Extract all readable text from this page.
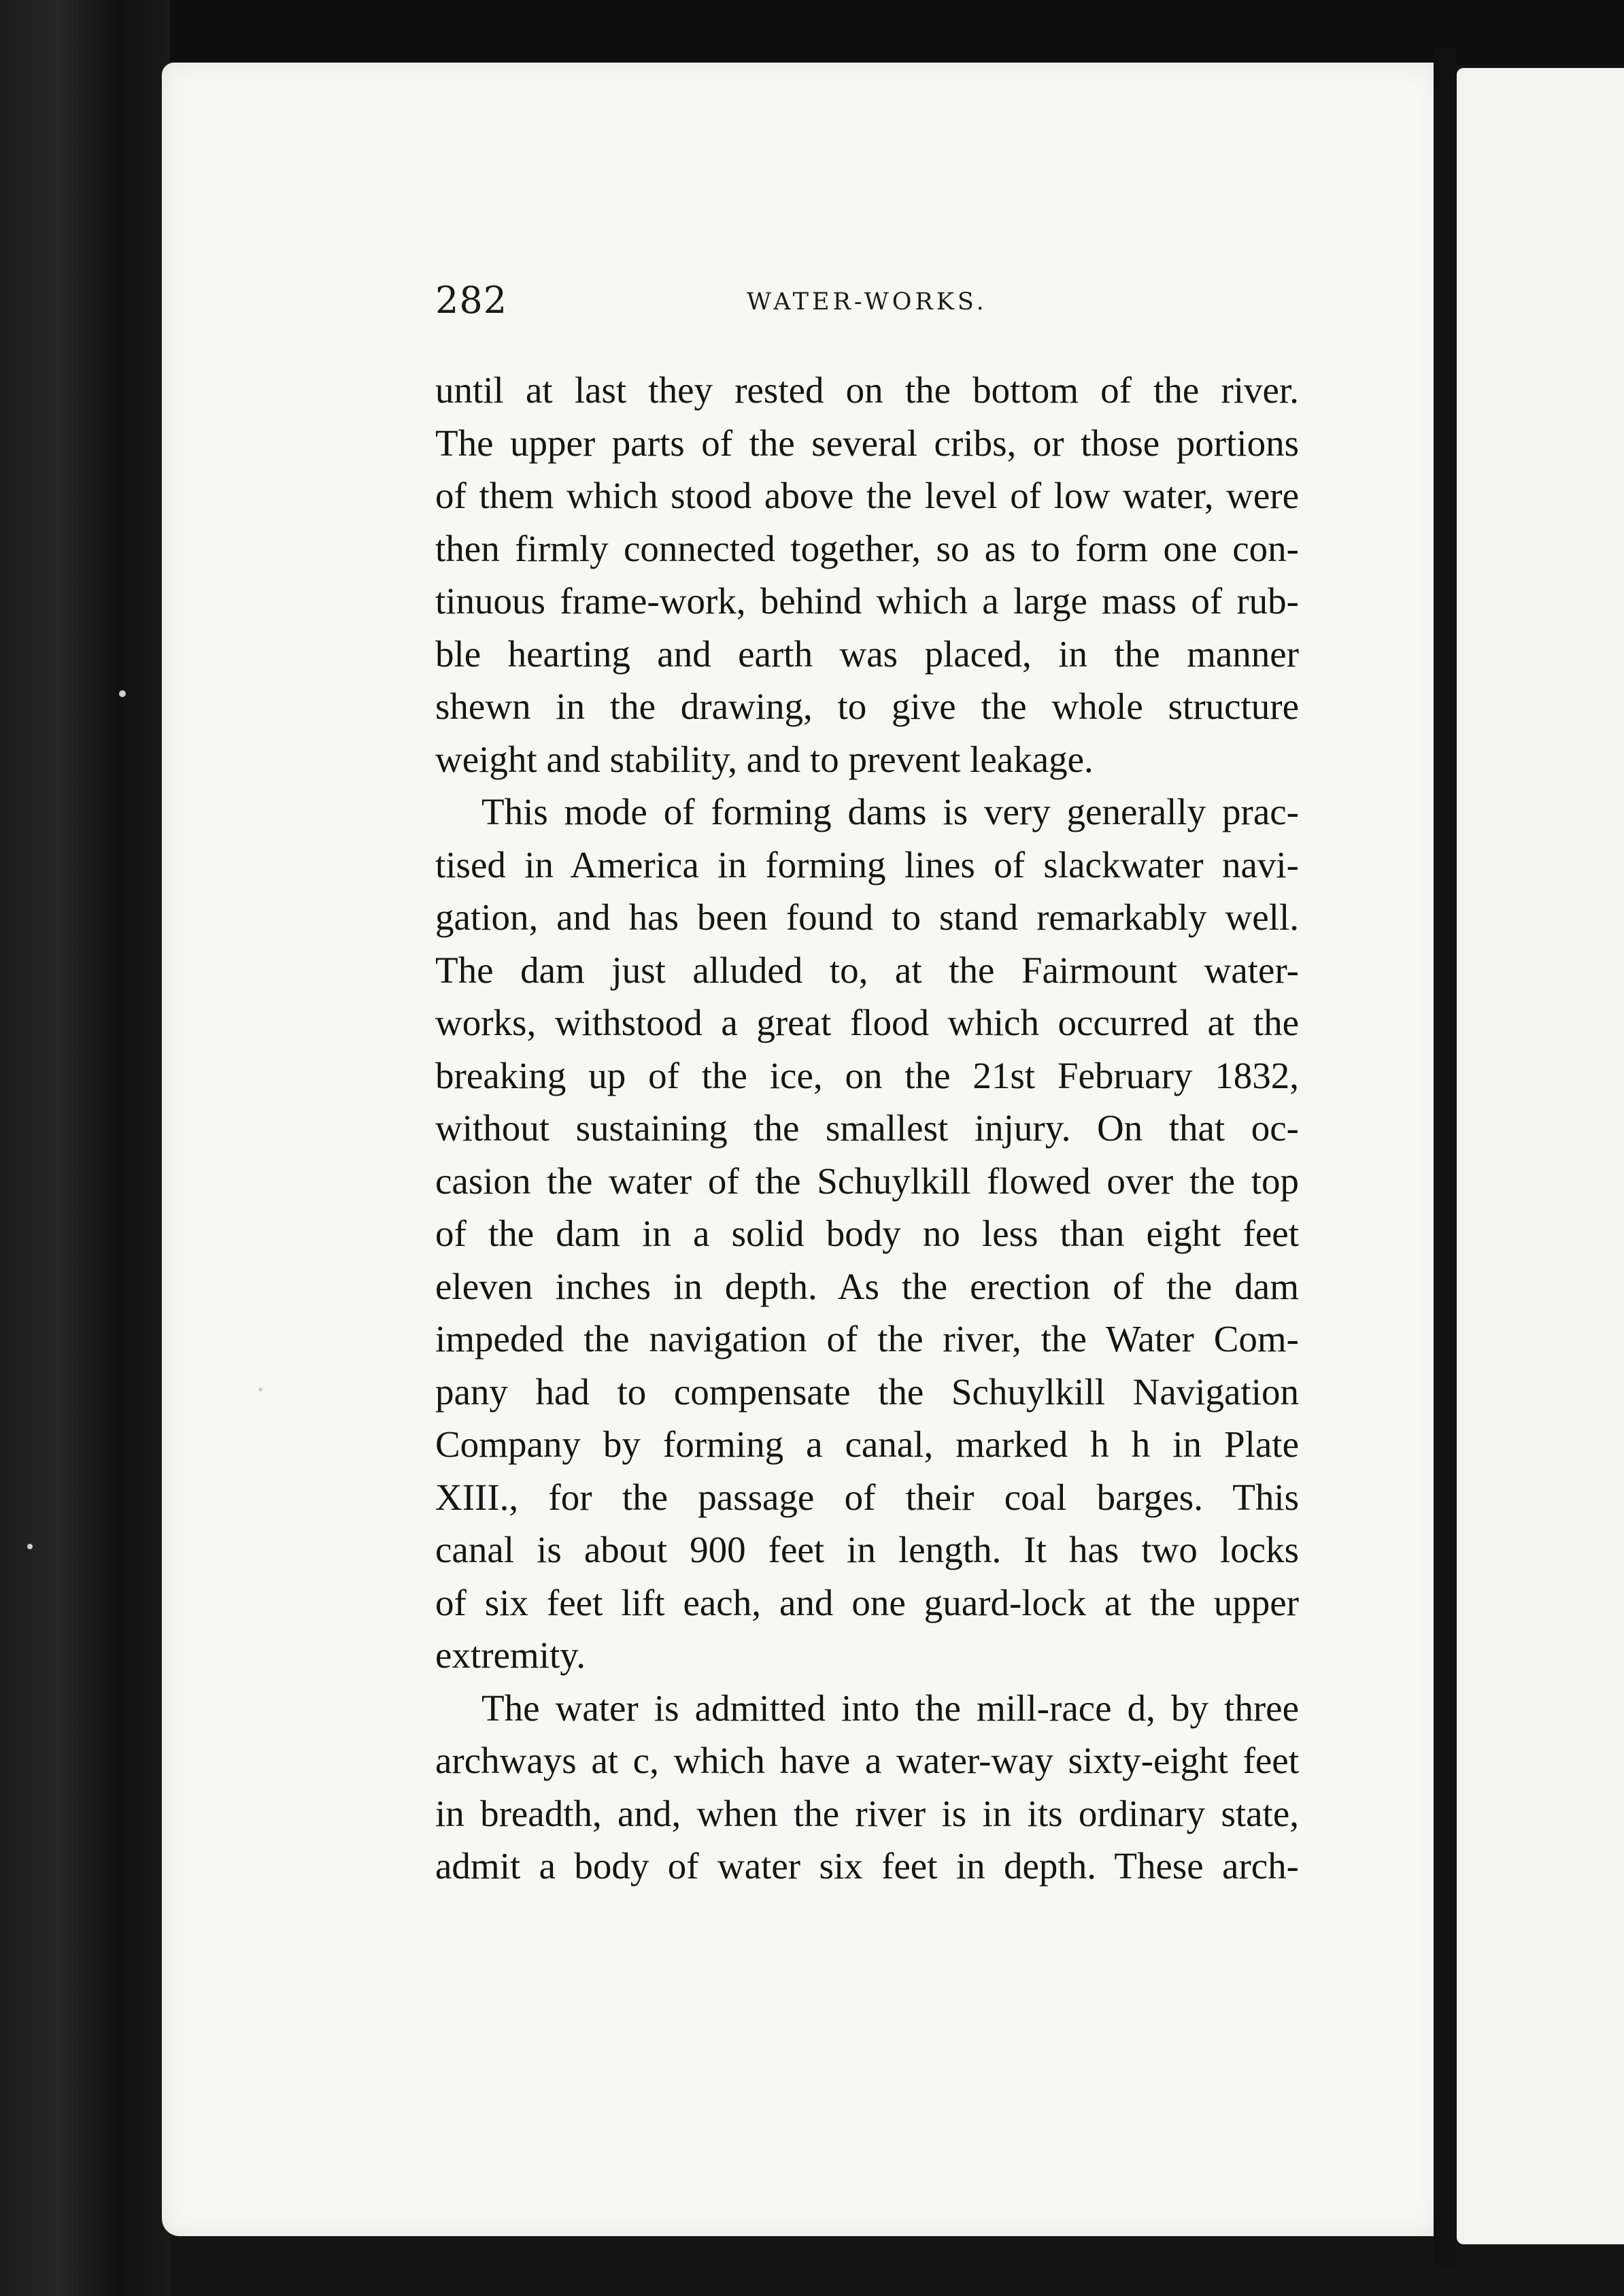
282	WATER-WORKS.
until at last they rested on the bottom of the river.
The upper parts of the several cribs, or those portions
of them which stood above the level of low water, were
then firmly connected together, so as to form one con-
tinuous frame-work, behind which a large mass of rub-
ble hearting and earth was placed, in the manner
shewn in the drawing, to give the whole structure
weight and stability, and to prevent leakage.
This mode of forming dams is very generally prac-
tised in America in forming lines of slackwater navi-
gation, and has been found to stand remarkably well.
The dam just alluded to, at the Fairmount water-
works, withstood a great flood which occurred at the
breaking up of the ice, on the 21st February 1832,
without sustaining the smallest injury. On that oc-
casion the water of the Schuylkill flowed over the top
of the dam in a solid body no less than eight feet
eleven inches in depth. As the erection of the dam
impeded the navigation of the river, the Water Com-
pany had to compensate the Schuylkill Navigation
Company by forming a canal, marked h h in Plate
XIII., for the passage of their coal barges. This
canal is about 900 feet in length. It has two locks
of six feet lift each, and one guard-lock at the upper
extremity.
The water is admitted into the mill-race d, by three
archways at c, which have a water-way sixty-eight feet
in breadth, and, when the river is in its ordinary state,
admit a body of water six feet in depth. These arch-
